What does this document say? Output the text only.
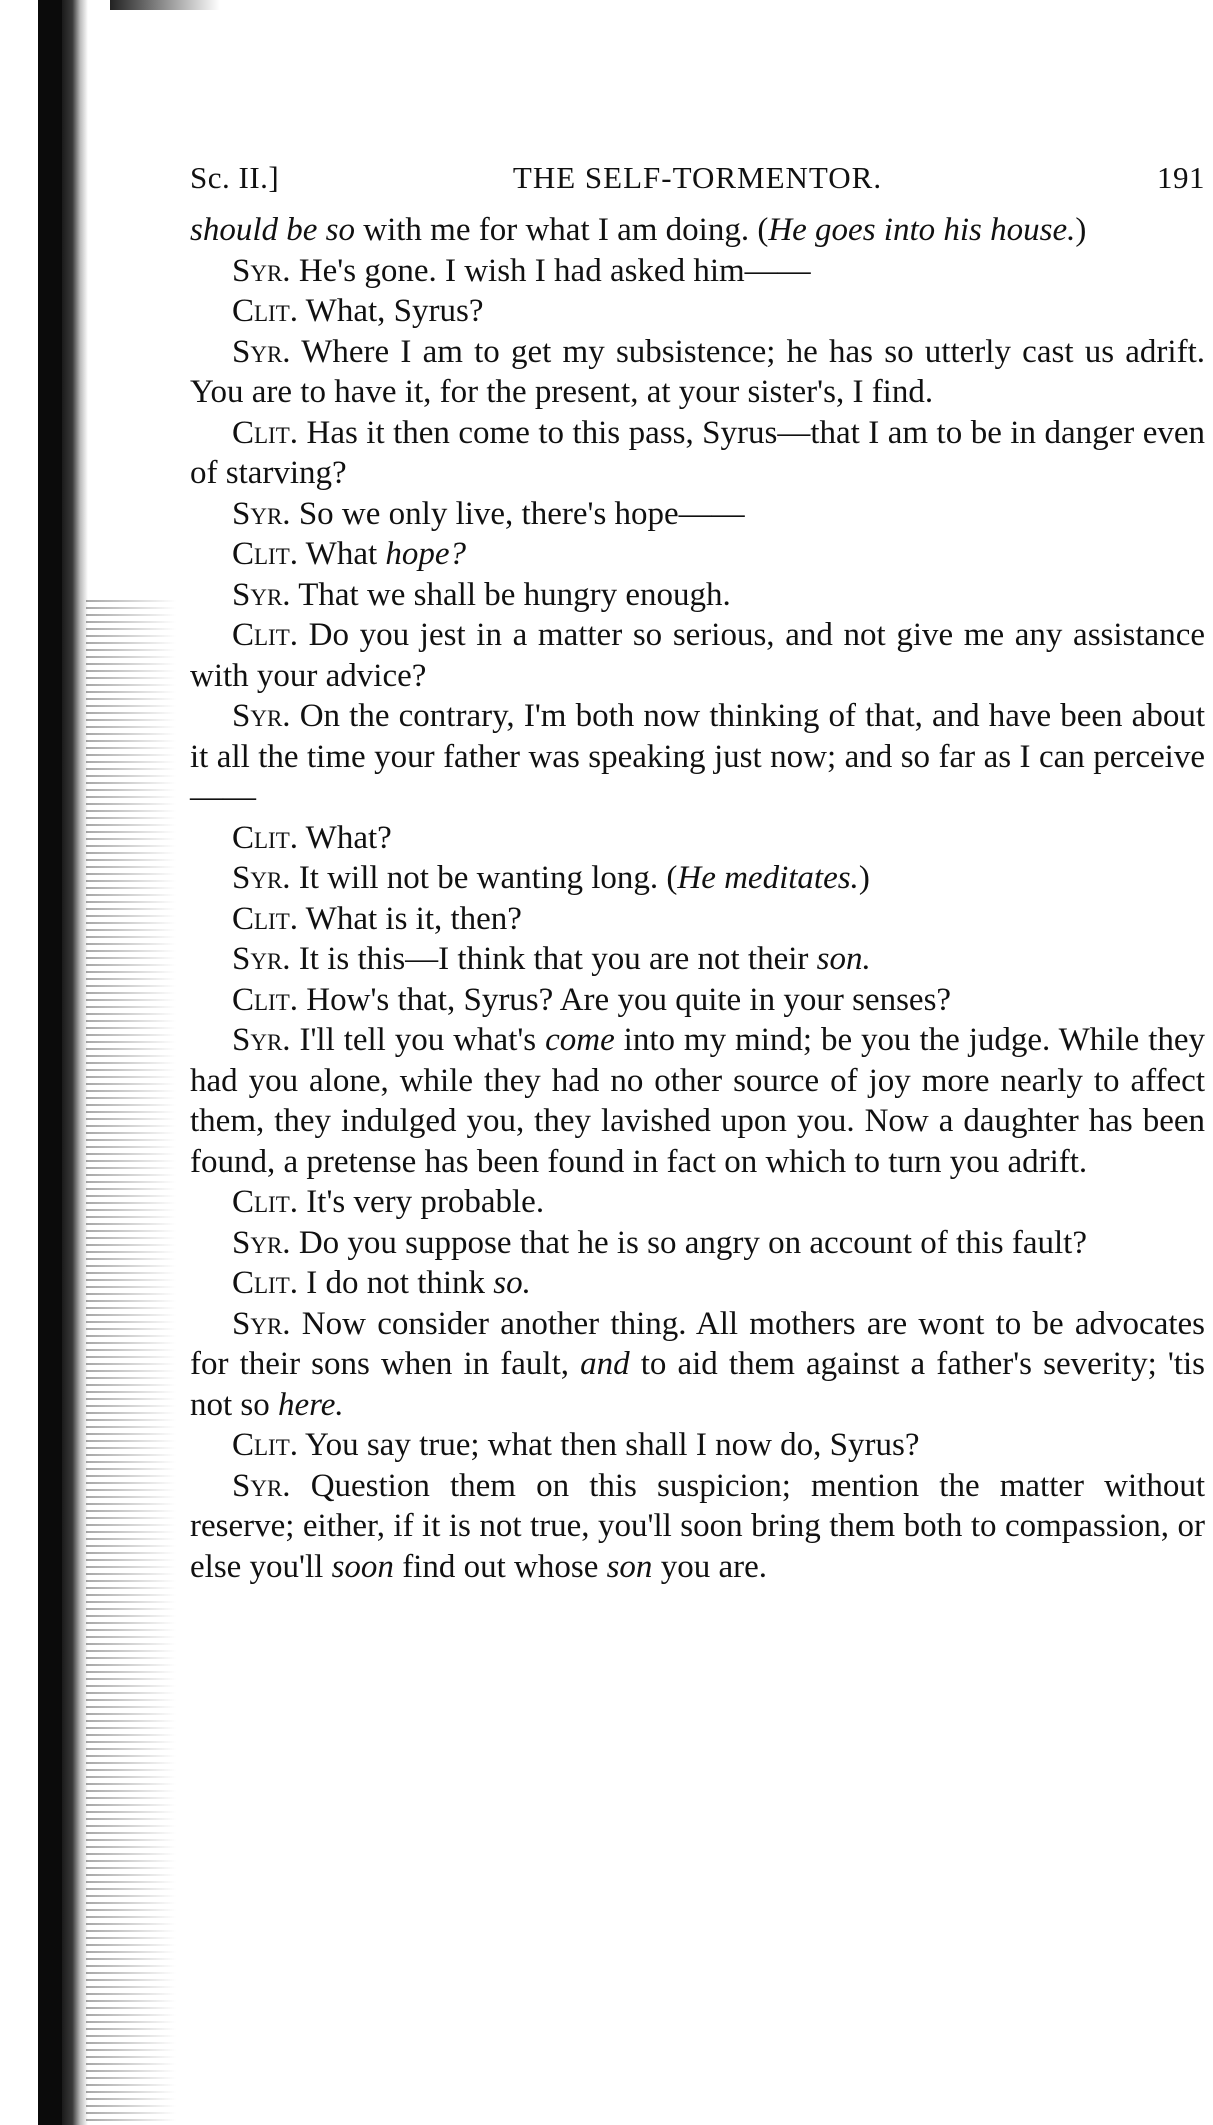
Sc. II.]	THE SELF-TORMENTOR.	191

should be so with me for what I am doing. (He goes into his house.)

Syr. He's gone. I wish I had asked him——

Clit. What, Syrus?

Syr. Where I am to get my subsistence; he has so utterly cast us adrift. You are to have it, for the present, at your sister's, I find.

Clit. Has it then come to this pass, Syrus—that I am to be in danger even of starving?

Syr. So we only live, there's hope——

Clit. What hope?

Syr. That we shall be hungry enough.

Clit. Do you jest in a matter so serious, and not give me any assistance with your advice?

Syr. On the contrary, I'm both now thinking of that, and have been about it all the time your father was speaking just now; and so far as I can perceive——

Clit. What?

Syr. It will not be wanting long. (He meditates.)

Clit. What is it, then?

Syr. It is this—I think that you are not their son.

Clit. How's that, Syrus? Are you quite in your senses?

Syr. I'll tell you what's come into my mind; be you the judge. While they had you alone, while they had no other source of joy more nearly to affect them, they indulged you, they lavished upon you. Now a daughter has been found, a pretense has been found in fact on which to turn you adrift.

Clit. It's very probable.

Syr. Do you suppose that he is so angry on account of this fault?

Clit. I do not think so.

Syr. Now consider another thing. All mothers are wont to be advocates for their sons when in fault, and to aid them against a father's severity; 'tis not so here.

Clit. You say true; what then shall I now do, Syrus?

Syr. Question them on this suspicion; mention the matter without reserve; either, if it is not true, you'll soon bring them both to compassion, or else you'll soon find out whose son you are.
